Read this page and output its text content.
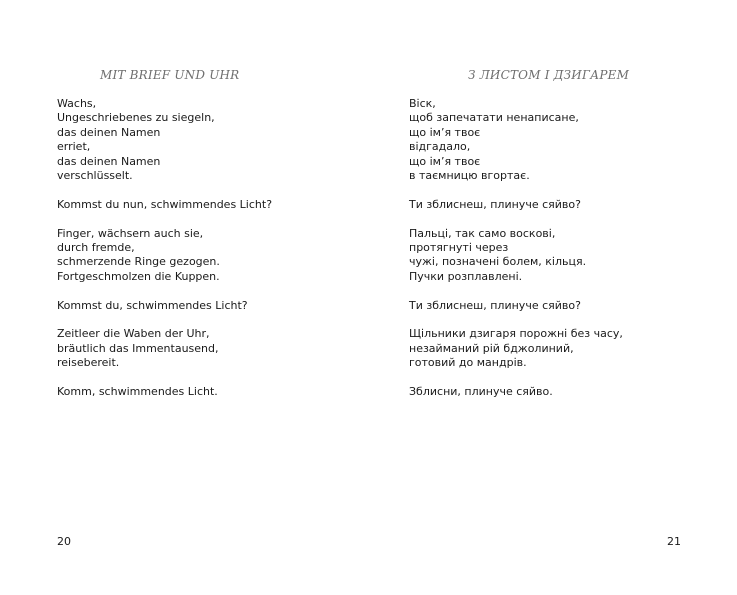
MIT BRIEF UND UHR
Wachs,
Ungeschriebenes zu siegeln,
das deinen Namen
erriet,
das deinen Namen
verschlüsselt.
Kommst du nun, schwimmendes Licht?
Finger, wächsern auch sie,
durch fremde,
schmerzende Ringe gezogen.
Fortgeschmolzen die Kuppen.
Kommst du, schwimmendes Licht?
Zeitleer die Waben der Uhr,
bräutlich das Immentausend,
reisebereit.
Komm, schwimmendes Licht.
20
З ЛИСТОМ І ДЗИГАРЕМ
Віск,
щоб запечатати ненаписане,
що ім’я твоє
відгадало,
що ім’я твоє
в таємницю вгортає.
Ти зблиснеш, плинуче сяйво?
Пальці, так само воскові,
протягнуті через
чужі, позначені болем, кільця.
Пучки розплавлені.
Ти зблиснеш, плинуче сяйво?
Щільники дзигаря порожні без часу,
незайманий рій бджолиний,
готовий до мандрів.
Зблисни, плинуче сяйво.
21
